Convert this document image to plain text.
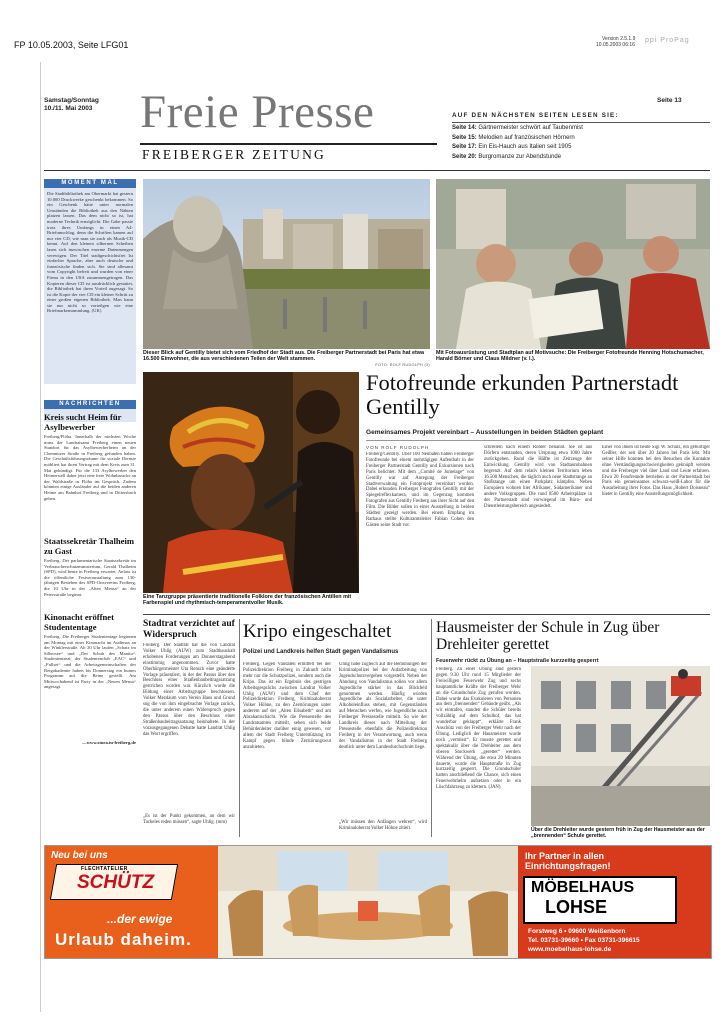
FP 10.05.2003, Seite LFG01
Version 2.5.1.9
10.05.2003 06:16
ppi ProPag
Samstag/Sonntag
10./11. Mai 2003 Freie Presse
FREIBERGER ZEITUNG
Seite 13
AUF DEN NÄCHSTEN SEITEN LESEN SIE:
Seite 14: Gärtnermeister schwört auf Taubenmist
Seite 15: Melodien auf französischen Hörnern
Seite 17: Ein Eis-Hauch aus Italien seit 1905
Seite 20: Burgromanze zur Abendstunde
MOMENT MAL
Die Stadtbibliothek am Obermarkt hat gestern 10.000 Druckwerke geschenkt bekommen. So ein Geschenk hätte unter normalen Umständen die Bibliothek aus den Nähten platzen lassen. Das dem nicht so ist, hat moderne Technik ermöglicht. Die Gabe passte trotz ihres Umfangs in einen A4-Briefumschlag, denn die Schriften kamen auf nur vier CD, wie man sie auch als Musik-CD kennt. Auf den kleinen silbernen Scheiben lasen sich inzwischen enorme Datenmengen verewigen. Der Titel stadtgeschichtsfrei Ist einfacher Sprache, aber auch deutsche und französische finden sich. Sie sind allesamt vom Copyright befreit und wurden von einer Firma in den USA zusammengetragen. Das Kopieren dieser CD ist ausdrücklich gestattet, die Bibliothek hat ihren Vorteil zugesagt. So ist die Kopie der vier CD ein kleiner Schritt zu einer großen eigenen Bibliothek. Man kann sie nur nicht so vorteilgen wie eine Briefmarkensammlung. (UK)
NACHRICHTEN
Kreis sucht Heim für Asylbewerber
Freiberg/Flöha. Innerhalb der nächsten Woche muss der Landratsamt Freiberg einen neuen Standort für das Asylbewerberheim an der Chemnitzer Straße in Freiberg gefunden haben. Die Geschäftsführungsräume für soziale Dienste möbliert hat ihren Vertrag mit dem Kreis zum 31. Mai gekündigt. Für die 133 Asylbewerber den Heimerstell daher jetzt eine freie Wohnbaracke an der Waldstraße in Flöha im Gespräch. Zudem könnten einige Ausländer auf die beiden anderen Heime am Bahnhof Freiberg und in Dittersbach gehen.
Staatssekretär Thalheim zu Gast
Freiberg. Der parlamentarische Staatssekretär im Verbraucherschutzministerium, Gerald Thalheim (SPD), wird heute in Freiberg erwartet. Anlass ist die öffentliche Festveranstaltung zum 130-jährigen Bestehen des SPD-Ortsvereins Freiberg, die 10 Uhr in der „Alten Mensa“ an der Petersstraße beginnt.
Kinonacht eröffnet Studententage
Freiberg. Die Freiberger Studententage beginnen am Montag mit einer Kinonacht im Audimax an der Winklerstraße. Ab 20 Uhr laufen „Schatz im Silbersee“ und „Der Schuh des Manitu“. Studententreat, der Studentenclub „EAC“ und „Fullset“ und die Arbeitsgemeinschaften der Bergakademie haben bis Donnerstag ein buntes Programm auf die Beine gestellt. Am Mittwochabend ist Party in der „Neuen Mensa“ angesagt.
—www.stura.tu-freiberg.de
Dieser Blick auf Gentilly bietet sich vom Friedhof der Stadt aus. Die Freiberger Partnerstadt bei Paris hat etwa 16.500 Einwohner, die aus verschiedenen Teilen der Welt stammen.
FOTO: ROLF RUDOLPH (3)
Mit Fotoausrüstung und Stadtplan auf Motivsuche: Die Freiberger Fotofreunde Henning Hotschumacher, Harald Börner und Claus Mildner (v. l.).
Eine Tanzgruppe präsentierte traditionelle Folklore der französischen Antillen mit Farbenspiel und rhythmisch-temperamentvoller Musik.
Fotofreunde erkunden Partnerstadt Gentilly
Gemeinsames Projekt vereinbart – Ausstellungen in beiden Städten geplant
VON ROLF RUDOLPH
Freiberg/Gentilly. Über 100 Neubaten haben Freiberger Fotofreunde bei einem mehrtägigen Aufenthalt in der Freiberger Partnerstadt Gentilly und Exkursionen nach Paris belichtet. Mit dem „Comité de Jumelage“ von Gentilly war auf Anregung der Freiberger Stadtverwaltung ein Fotoprojekt vereinbart worden. Dabei erkunden Freiberger Fotografen Gentilly mit der Spiegelreflexkamera, und im Gegenzug kommen Fotografen aus Gentilly Freiberg aus ihrer Sicht auf den Film. Die Bilder sollen in einer Ausstellung in beiden Städten gezeigt werden. Bei einem Empfang im Rathaus stellte Kulturamtsleiter Fabian Cohen den Gästen seine Stadt vor.
schreiteln nach einem Römer benannt. Sie ist aus Dörfern entstanden, deren Ursprung etwa 1000 Jahre zurückgehen. Rund die Hälfte ist Zeitzeuge der Entwicklung. Gentilly wird von Stadtautobahnen begrenzt. Auf dem relativ kleinen Territorium leben 16.500 Menschen, die täglich auch neue Stadtstrange an Stoßstange um einen Parkplatz kämpfen. Neben Europäern wohnen hier Afrikaner, Südamerikaner und andere Volksgruppen. Die rund 8500 Arbeitsplätze in der Partnerstadt sind vorwiegend im Büro- und Dienstleistungsbereich angesiedelt.
Einer von ihnen ist heute Sigi W. Schulz, ein gebürtiger Geißler, der seit über 20 Jahren bei Paris lebt. Mit seiner Hilfe konnten bei den Besuchen die Kontakte ohne Verständigungsschwierigkeiten geknüpft werden und die Freiberger viel über Land und Leute erfahren. Etwa 20 Fotofreunde betrieben in der Partnerstadt bei Paris ein gemeinsames schwarz-weiß-Labor für die Ausarbeitung ihrer Fotos. Das Haus „Robert Doisneau“ bietet in Gentilly eine Ausstellungsmöglichkeit.
Stadtrat verzichtet auf Widerspruch
Freiberg. Der Stadtrat hat die von Landrat Volker Uhlig (AUW) zum Stadthaushalt erhobenen Forderungen am Donnerstagabend einstimmig angenommen. Zuvor hatte Oberbürgermeister Uta Rensch eine geänderte Vorlage präsentiert, in der der Passus über den Beschluss einer Straßenbaubeitragssatzung gestrichen worden war. Kürzlich wurde die Bildung einer Arbeitsgruppe beschlossen. Volker Mezdaum vom Verein Haus und Grund sog die von ihm eingebrachte Vorlage zurück, die unter anderem einen Widerspruch gegen den Passus über den Beschluss einer Straßenbaubeitragssatzung beinhaltete. In der vorausgegangenen Debatte hatte Landrat Uhlig das Wort ergriffen.
„Es ist der Punkt gekommen, an dem wir Tacheles reden müssen“, sagte Uhlig. (mm)
Kripo eingeschaltet
Polizei und Landkreis helfen Stadt gegen Vandalismus
Freiberg. Gegen Vandalen ermittelt bei der Polizeidirektion Freiberg in Zukunft nicht mehr nur die Schutzpolizei, sondern auch die Kripo. Das ist ein Ergebnis des gestrigen Arbeitsgesprächs zwischen Landrat Volker Uhlig (AUW) und dem Chef der Polizeidirektion Freiberg, Kriminaloberrat Volker Höhne, zu den Zerstörungen unter anderem auf der „Alten Elisabeth“ und am Abrahamschacht. Wie die Pressestelle des Landratsamtes mitteilt, sehen sich beide Behördenleiter darüber einig gewesen, vor allem der Stadt Freiberg Unterstützung im Kampf gegen blinde Zerstörungswut anzubieten.
Uhlig habe zugleich auf die Bemühungen der Kriminalpolizei bei der Aufarbeitung von Jugendschutzvergehen vorgestellt. Neben der Ahndung von Vandalismus sollen vor allem Jugendliche stärker in das Blickfeld genommen werden. Häufig würden Jugendliche als Sozialarbeiter, die unter Alkoholeinfluss stehen, mit Gegenständen auf Menschen werfen, wie Jugendliche nach Freiberger Pressestelle mitteilt. So wie der Landkreis dieses nach Mitteilung der Pressestelle ebenfalls die Polizeidirektion Freiberg in der Verantwortung, auch wenn der Vandalismus in der Stadt Freiberg deutlich unter dem Landesdurchschnitt liege.
„Wir müssen den Anfängen wehren“, wird Kriminaloberrat Volker Höhne zitiert.
Hausmeister der Schule in Zug über Drehleiter gerettet
Feuerwehr rückt zu Übung an – Hauptstraße kurzzeitig gesperrt
Freiberg. Zu einer Übung sind gestern gegen 9.30 Uhr rund 15 Mitglieder der Freiwilligen Feuerwehr Zug und sechs hauptamtliche Kräfte der Freiberger Wehr an die Grundschule Zug gerufen worden. Dabei wurde das Evakuieren von Personen aus dem „brennenden“ Gebäude geübt. „Als wir eintrafen, standen die Schüler bereits vollzählig auf dem Schulhof, das hat wunderbar geklappt“, erklärte Frank Anschütz von der Freiberger Wehr nach der Übung. Lediglich der Hausmeister wurde noch „vermisst“. Er musste gerettet und spektakulär über die Drehleiter aus dem oberen Stockwerk „gerettet“ werden. Während der Übung, die etwa 20 Minuten dauerte, wurde die Hauptstraße in Zug kurzzeitig gesperrt. Die Grundschüler hatten anschließend die Chance, sich einen Feuerwehrhelm aufsetzen oder in ein Löschfahrzeug zu klettern. (JAN)
Über die Drehleiter wurde gestern früh in Zug der Hausmeister aus der „brennenden“ Schule gerettet.
Neu bei uns
FLECHTATELIER
SCHÜTZ
...der ewige
Urlaub daheim.
Ihr Partner in allen
Einrichtungsfragen!
MÖBELHAUS
LOHSE
Forstweg 6 • 09600 Weißenborn
Tel. 03731-39660 • Fax 03731-396615
www.moebelhaus-lohse.de
